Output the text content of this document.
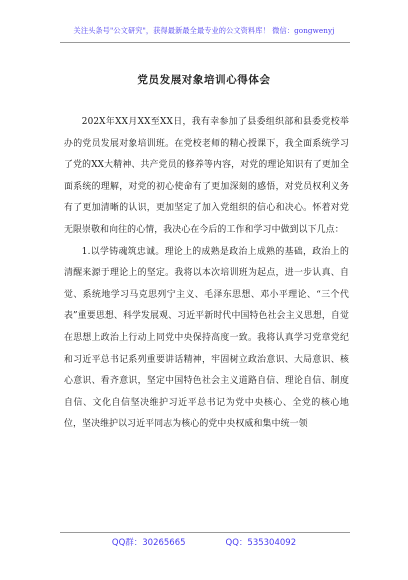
关注头条号"公文研究"，获得最新最全最专业的公文资料库！ 微信：gongwenyj
党员发展对象培训心得体会

202X年XX月XX至XX日，我有幸参加了县委组织部和县委党校举办的党员发展对象培训班。在党校老师的精心授课下，我全面系统学习了党的XX大精神、共产党员的修养等内容，对党的理论知识有了更加全面系统的理解，对党的初心使命有了更加深刻的感悟，对党员权利义务有了更加清晰的认识，更加坚定了加入党组织的信心和决心。怀着对党无限崇敬和向往的心情，我决心在今后的工作和学习中做到以下几点：

1.以学铸魂筑忠诚。理论上的成熟是政治上成熟的基础，政治上的清醒来源于理论上的坚定。我将以本次培训班为起点，进一步认真、自觉、系统地学习马克思列宁主义、毛泽东思想、邓小平理论、“三个代表”重要思想、科学发展观、习近平新时代中国特色社会主义思想，自觉在思想上政治上行动上同党中央保持高度一致。我将认真学习党章党纪和习近平总书记系列重要讲话精神，牢固树立政治意识、大局意识、核心意识、看齐意识，坚定中国特色社会主义道路自信、理论自信、制度自信、文化自信坚决维护习近平总书记为党中央核心、全党的核心地位，坚决维护以习近平同志为核心的党中央权威和集中统一领

QQ群：30265665	QQ：535304092
